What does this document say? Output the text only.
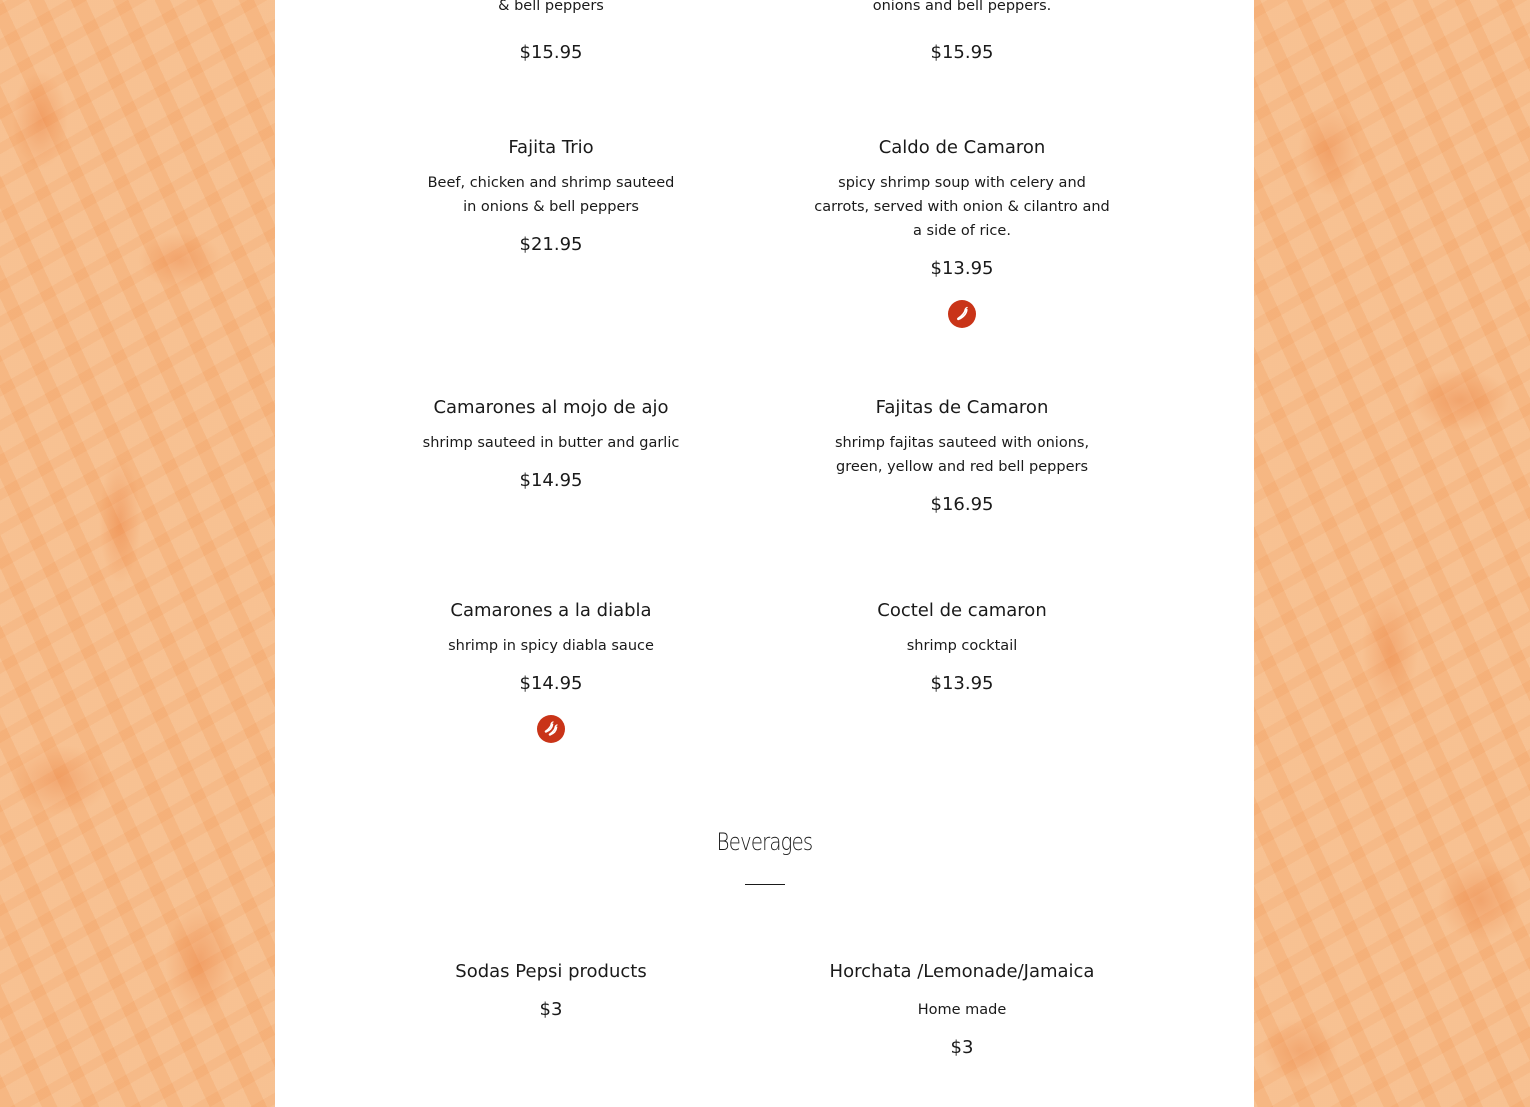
& bell peppers
$15.95
onions and bell peppers.
$15.95
Fajita Trio
Beef, chicken and shrimp sauteed in onions & bell peppers
$21.95
Caldo de Camaron
spicy shrimp soup with celery and carrots, served with onion & cilantro and a side of rice.
$13.95
Camarones al mojo de ajo
shrimp sauteed in butter and garlic
$14.95
Fajitas de Camaron
shrimp fajitas sauteed with onions, green, yellow and red bell peppers
$16.95
Camarones a la diabla
shrimp in spicy diabla sauce
$14.95
Coctel de camaron
shrimp cocktail
$13.95
Beverages
Sodas Pepsi products
$3
Horchata /Lemonade/Jamaica
Home made
$3
